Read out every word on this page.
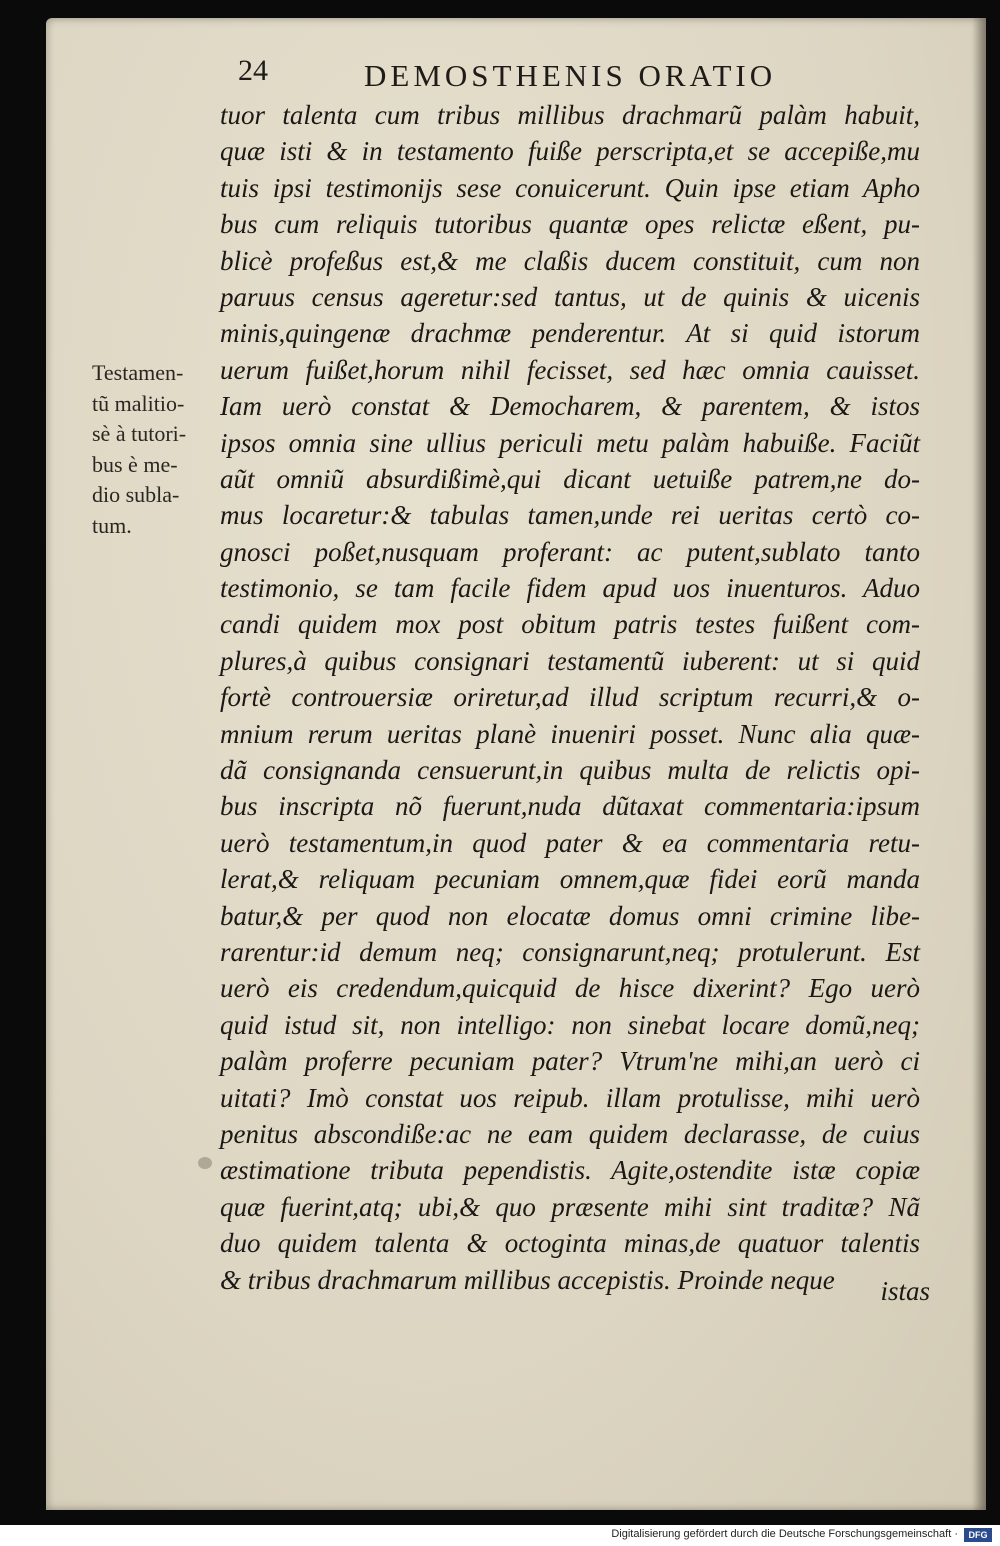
24	DEMOSTHENIS ORATIO
Testamen-
tũ malitio-
sè à tutori-
bus è me-
dio subla-
tum.
tuor talenta cum tribus millibus drachmarũ palàm habuit,
quæ isti & in testamento fuiße perscripta,et se accepiße,mu
tuis ipsi testimonijs sese conuicerunt. Quin ipse etiam Apho
bus cum reliquis tutoribus quantæ opes relictæ eßent, pu-
blicè profeßus est,& me claßis ducem constituit, cum non
paruus census ageretur:sed tantus, ut de quinis & uicenis
minis,quingenæ drachmæ penderentur. At si quid istorum
uerum fuißet,horum nihil fecisset, sed hæc omnia cauisset.
Iam uerò constat & Democharem, & parentem, & istos
ipsos omnia sine ullius periculi metu palàm habuiße. Faciũt
aũt omniũ absurdißimè,qui dicant uetuiße patrem,ne do-
mus locaretur:& tabulas tamen,unde rei ueritas certò co-
gnosci poßet,nusquam proferant: ac putent,sublato tanto
testimonio, se tam facile fidem apud uos inuenturos. Aduo
candi quidem mox post obitum patris testes fuißent com-
plures,à quibus consignari testamentũ iuberent: ut si quid
fortè controuersiæ oriretur,ad illud scriptum recurri,& o-
mnium rerum ueritas planè inueniri posset. Nunc alia quæ-
dã consignanda censuerunt,in quibus multa de relictis opi-
bus inscripta nõ fuerunt,nuda dũtaxat commentaria:ipsum
uerò testamentum,in quod pater & ea commentaria retu-
lerat,& reliquam pecuniam omnem,quæ fidei eorũ manda
batur,& per quod non elocatæ domus omni crimine libe-
rarentur:id demum neq; consignarunt,neq; protulerunt. Est
uerò eis credendum,quicquid de hisce dixerint? Ego uerò
quid istud sit, non intelligo: non sinebat locare domũ,neq;
palàm proferre pecuniam pater? Vtrum'ne mihi,an uerò ci
uitati? Imò constat uos reipub. illam protulisse, mihi uerò
penitus abscondiße:ac ne eam quidem declarasse, de cuius
æstimatione tributa pependistis. Agite,ostendite istæ copiæ
quæ fuerint,atq; ubi,& quo præsente mihi sint traditæ? Nã
duo quidem talenta & octoginta minas,de quatuor talentis
& tribus drachmarum millibus accepistis. Proinde neque	istas
Digitalisierung gefördert durch die Deutsche Forschungsgemeinschaft ·	DFG
